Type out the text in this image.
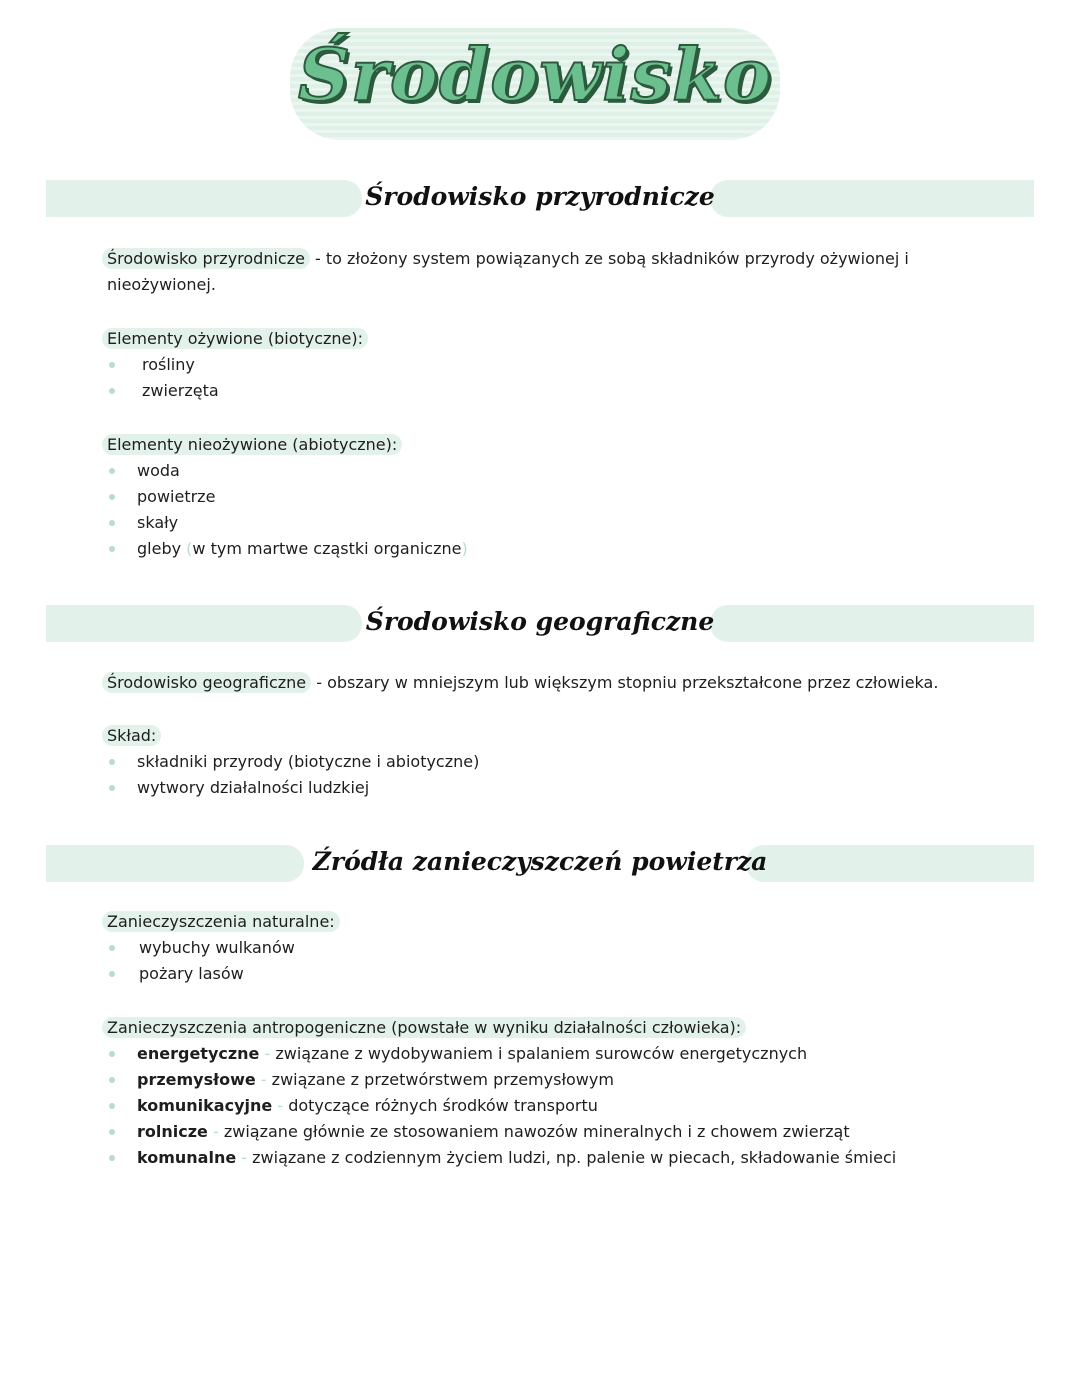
Środowisko
Środowisko przyrodnicze
Środowisko przyrodnicze - to złożony system powiązanych ze sobą składników przyrody ożywionej i
nieożywionej.
Elementy ożywione (biotyczne):
rośliny
zwierzęta
Elementy nieożywione (abiotyczne):
woda
powietrze
skały
gleby (w tym martwe cząstki organiczne)
Środowisko geograficzne
Środowisko geograficzne - obszary w mniejszym lub większym stopniu przekształcone przez człowieka.
Skład:
składniki przyrody (biotyczne i abiotyczne)
wytwory działalności ludzkiej
Źródła zanieczyszczeń powietrza
Zanieczyszczenia naturalne:
wybuchy wulkanów
pożary lasów
Zanieczyszczenia antropogeniczne (powstałe w wyniku działalności człowieka):
energetyczne - związane z wydobywaniem i spalaniem surowców energetycznych
przemysłowe - związane z przetwórstwem przemysłowym
komunikacyjne - dotyczące różnych środków transportu
rolnicze - związane głównie ze stosowaniem nawozów mineralnych i z chowem zwierząt
komunalne - związane z codziennym życiem ludzi, np. palenie w piecach, składowanie śmieci
